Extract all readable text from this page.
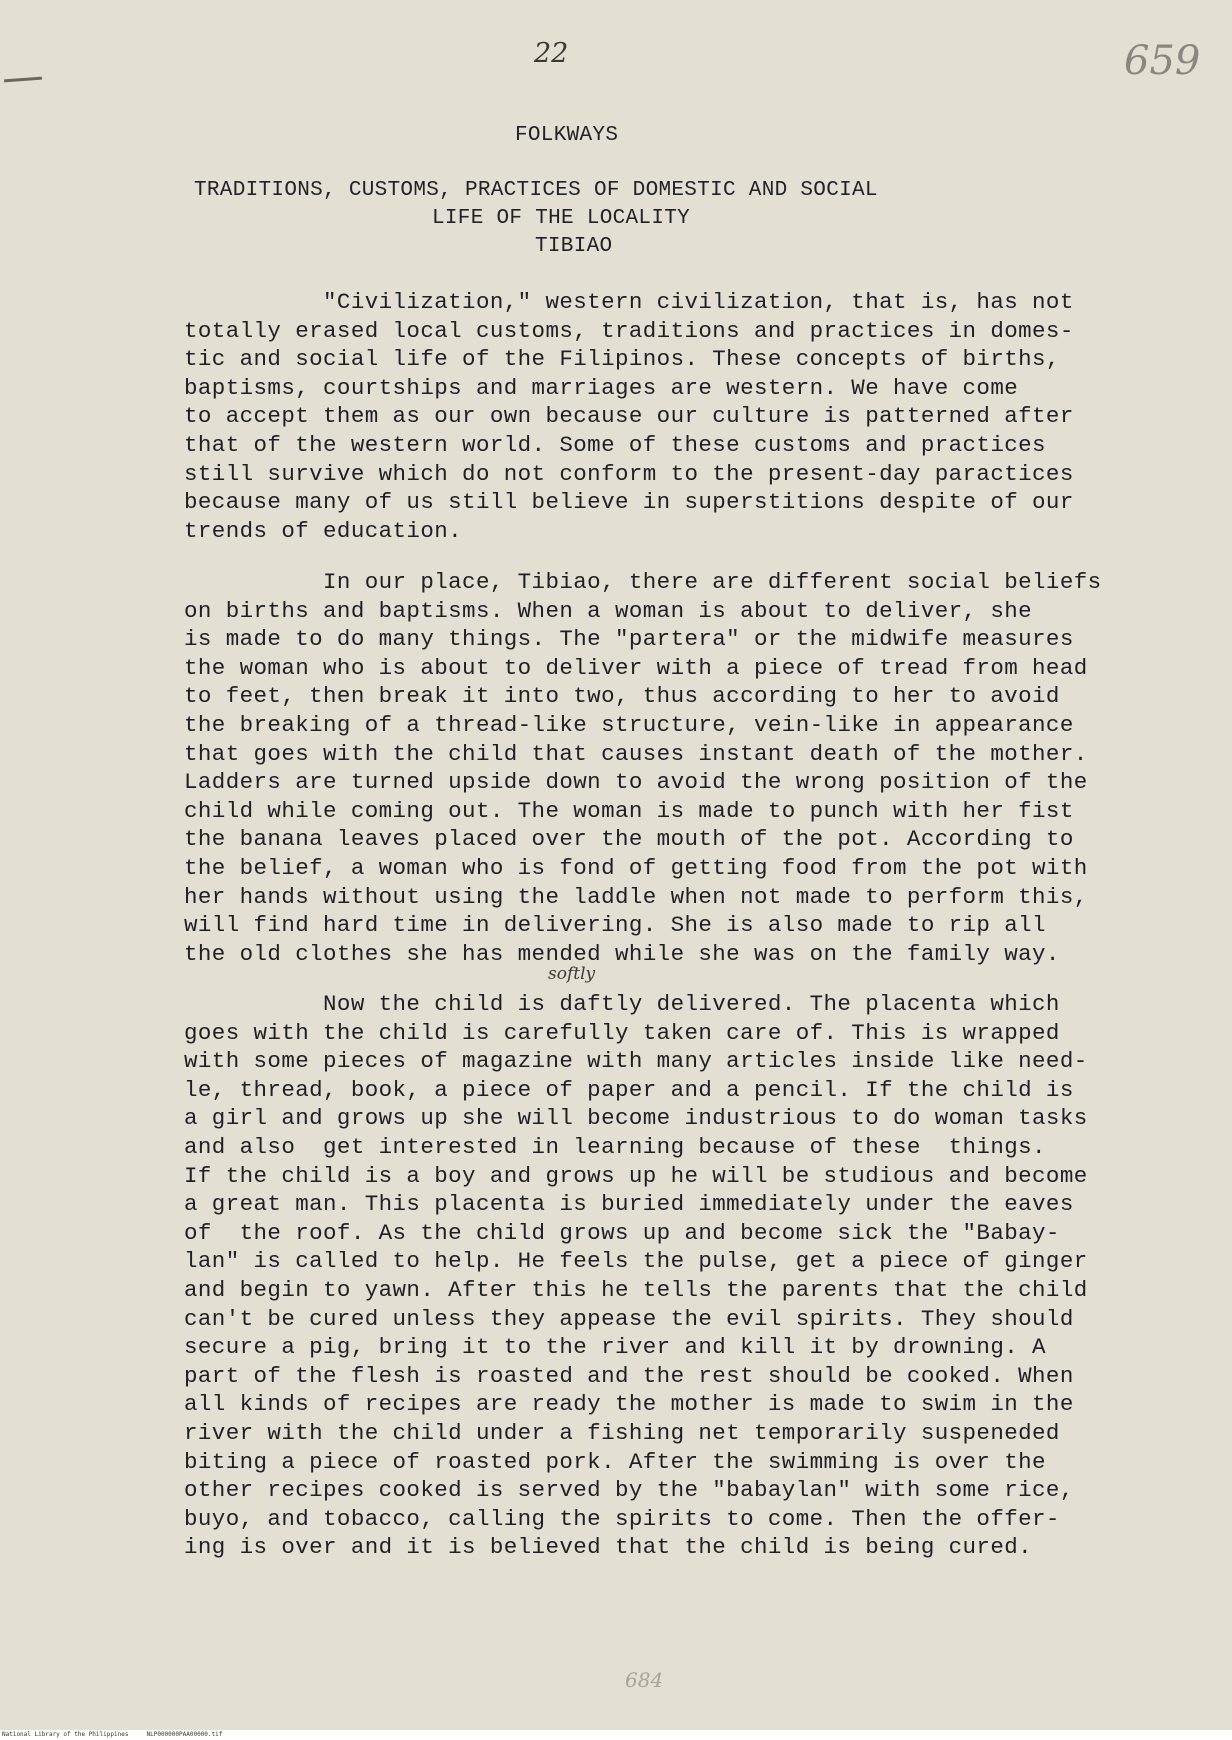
22	659
softly
FOLKWAYS
TRADITIONS, CUSTOMS, PRACTICES OF DOMESTIC AND SOCIAL
LIFE OF THE LOCALITY
TIBIAO

"Civilization," western civilization, that is, has not

totally erased local customs, traditions and practices in domes-

tic and social life of the Filipinos. These concepts of births,

baptisms, courtships and marriages are western. We have come

to accept them as our own because our culture is patterned after

that of the western world. Some of these customs and practices

still survive which do not conform to the present-day paractices

because many of us still believe in superstitions despite of our

trends of education.

In our place, Tibiao, there are different social beliefs

on births and baptisms. When a woman is about to deliver, she

is made to do many things. The "partera" or the midwife measures

the woman who is about to deliver with a piece of tread from head

to feet, then break it into two, thus according to her to avoid

the breaking of a thread-like structure, vein-like in appearance

that goes with the child that causes instant death of the mother.

Ladders are turned upside down to avoid the wrong position of the

child while coming out. The woman is made to punch with her fist

the banana leaves placed over the mouth of the pot. According to

the belief, a woman who is fond of getting food from the pot with

her hands without using the laddle when not made to perform this,

will find hard time in delivering. She is also made to rip all

the old clothes she has mended while she was on the family way.

Now the child is daftly delivered. The placenta which

goes with the child is carefully taken care of. This is wrapped

with some pieces of magazine with many articles inside like need-

le, thread, book, a piece of paper and a pencil. If the child is

a girl and grows up she will become industrious to do woman tasks

and also  get interested in learning because of these  things.

If the child is a boy and grows up he will be studious and become

a great man. This placenta is buried immediately under the eaves

of  the roof. As the child grows up and become sick the "Babay-

lan" is called to help. He feels the pulse, get a piece of ginger

and begin to yawn. After this he tells the parents that the child

can't be cured unless they appease the evil spirits. They should

secure a pig, bring it to the river and kill it by drowning. A

part of the flesh is roasted and the rest should be cooked. When

all kinds of recipes are ready the mother is made to swim in the

river with the child under a fishing net temporarily suspeneded

biting a piece of roasted pork. After the swimming is over the

other recipes cooked is served by the "babaylan" with some rice,

buyo, and tobacco, calling the spirits to come. Then the offer-

ing is over and it is believed that the child is being cured.

684
National Library of the Philippines     NLP000000PAA00000.tif
